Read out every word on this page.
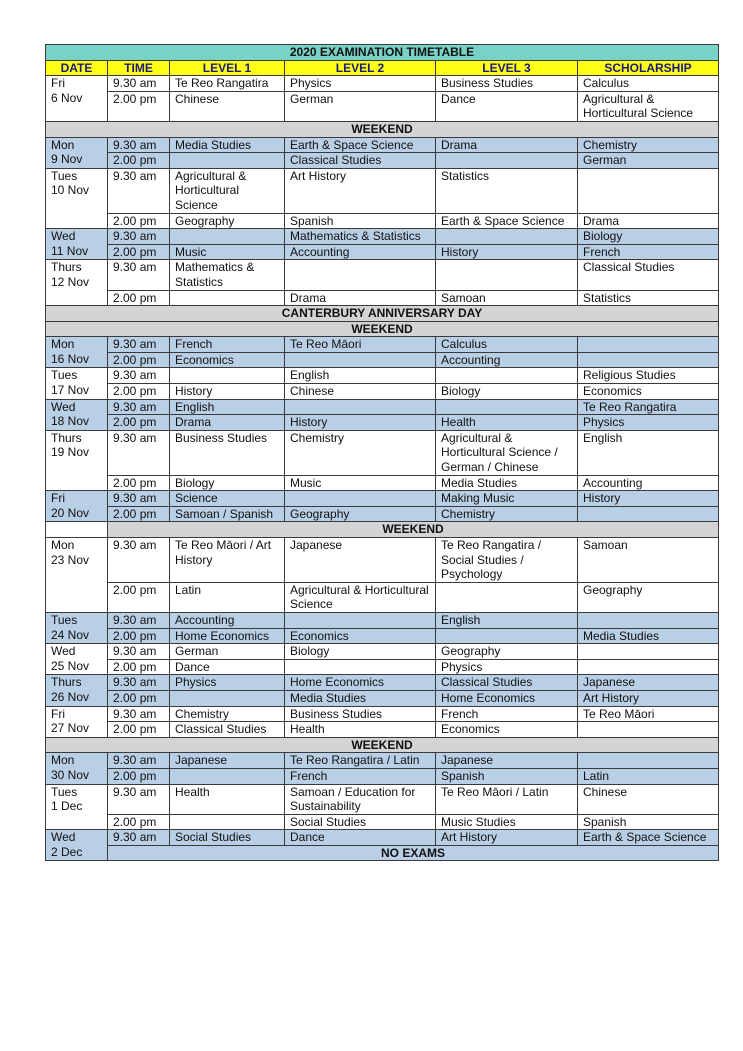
2020 EXAMINATION TIMETABLE					
DATE	TIME	LEVEL 1	LEVEL 2	LEVEL 3	SCHOLARSHIP

Fri
6 Nov	9.30 am	Te Reo Rangatira	Physics	Business Studies	Calculus
	2.00 pm	Chinese	German	Dance	Agricultural & Horticultural Science
WEEKEND					

Mon
9 Nov	9.30 am	Media Studies	Earth & Space Science	Drama	Chemistry
	2.00 pm		Classical Studies		German

Tues
10 Nov	9.30 am	Agricultural & Horticultural Science	Art History	Statistics	
	2.00 pm	Geography	Spanish	Earth & Space Science	Drama

Wed
11 Nov	9.30 am		Mathematics & Statistics		Biology
	2.00 pm	Music	Accounting	History	French

Thurs
12 Nov	9.30 am	Mathematics & Statistics			Classical Studies
	2.00 pm		Drama	Samoan	Statistics
CANTERBURY ANNIVERSARY DAY					
WEEKEND					

Mon
16 Nov	9.30 am	French	Te Reo Māori	Calculus	
	2.00 pm	Economics		Accounting	

Tues
17 Nov	9.30 am		English		Religious Studies
	2.00 pm	History	Chinese	Biology	Economics

Wed
18 Nov	9.30 am	English			Te Reo Rangatira
	2.00 pm	Drama	History	Health	Physics

Thurs
19 Nov	9.30 am	Business Studies	Chemistry	Agricultural & Horticultural Science / German / Chinese	English
	2.00 pm	Biology	Music	Media Studies	Accounting

Fri
20 Nov	9.30 am	Science		Making Music	History
	2.00 pm	Samoan / Spanish	Geography	Chemistry	
	WEEKEND				

Mon
23 Nov	9.30 am	Te Reo Māori / Art History	Japanese	Te Reo Rangatira / Social Studies / Psychology	Samoan
	2.00 pm	Latin	Agricultural & Horticultural Science		Geography

Tues
24 Nov	9.30 am	Accounting		English	
	2.00 pm	Home Economics	Economics		Media Studies

Wed
25 Nov	9.30 am	German	Biology	Geography	
	2.00 pm	Dance		Physics	

Thurs
26 Nov	9.30 am	Physics	Home Economics	Classical Studies	Japanese
	2.00 pm		Media Studies	Home Economics	Art History

Fri
27 Nov	9.30 am	Chemistry	Business Studies	French	Te Reo Māori
	2.00 pm	Classical Studies	Health	Economics	
WEEKEND					

Mon
30 Nov	9.30 am	Japanese	Te Reo Rangatira / Latin	Japanese	
	2.00 pm		French	Spanish	Latin

Tues
1 Dec	9.30 am	Health	Samoan / Education for Sustainability	Te Reo Māori / Latin	Chinese
	2.00 pm		Social Studies	Music Studies	Spanish

Wed
2 Dec	9.30 am	Social Studies	Dance	Art History	Earth & Space Science
	NO EXAMS				
